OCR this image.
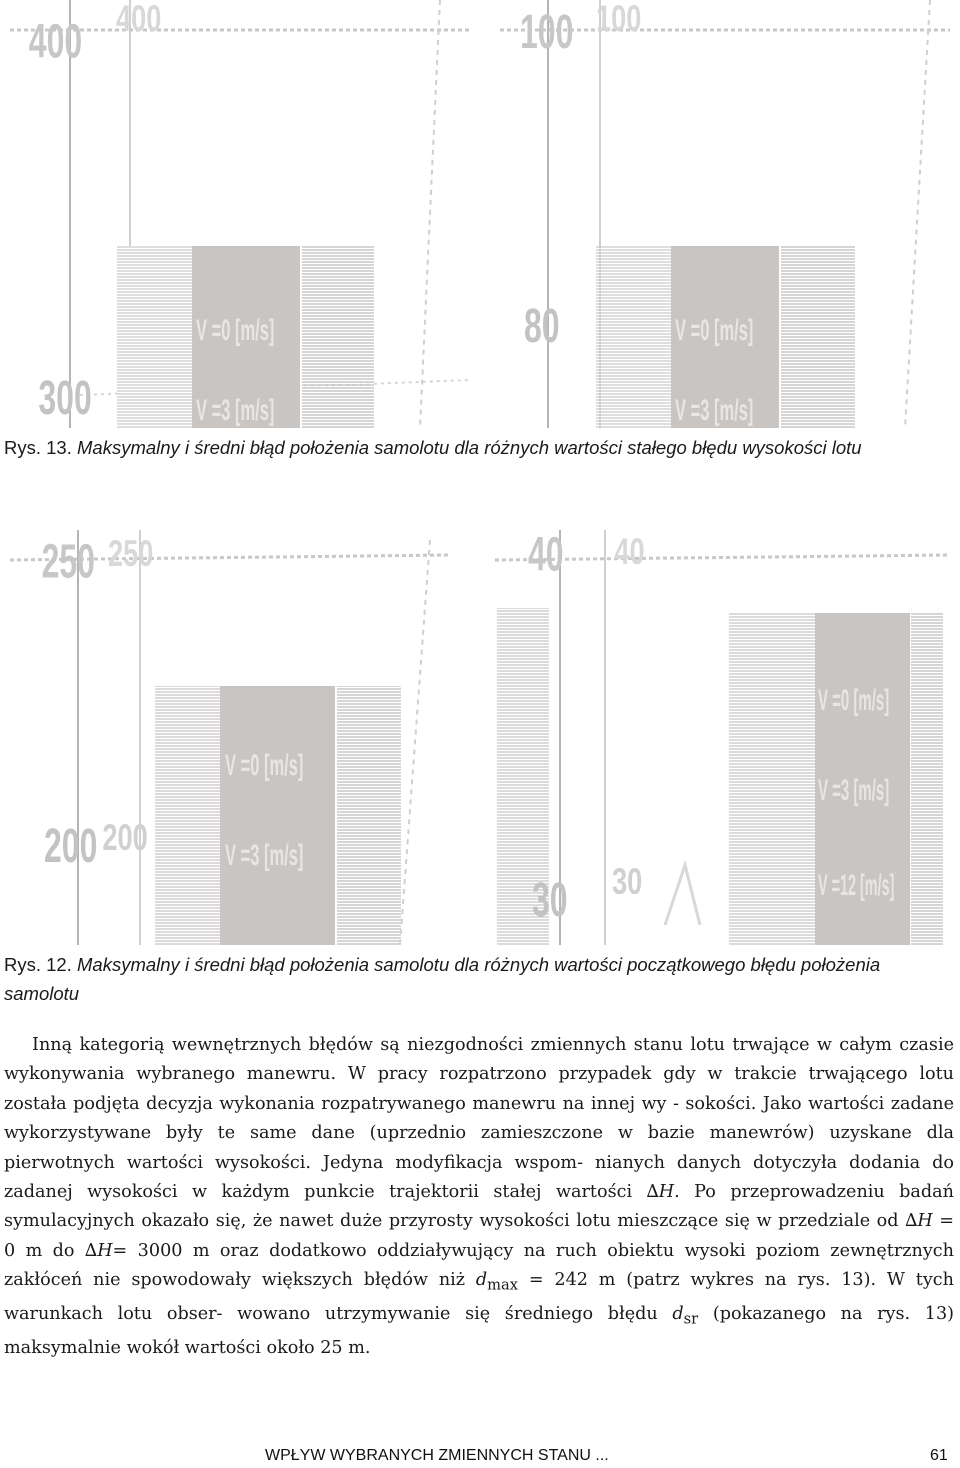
400 400
300
V =0 [m/s]
V =3 [m/s]
100 100
80	V =0 [m/s]
V =3 [m/s]
Rys. 13. Maksymalny i średni błąd położenia samolotu dla różnych wartości stałego błędu wysokości lotu
250 250
200 200
V =0 [m/s]
V =3 [m/s]
40 40
30 30
V =0 [m/s]
V =3 [m/s]
V =12 [m/s]
Rys. 12. Maksymalny i średni błąd położenia samolotu dla różnych wartości początkowego błędu położenia samolotu

Inną kategorią wewnętrznych błędów są niezgodności zmiennych stanu lotu trwające w całym czasie wykonywania wybranego manewru. W pracy rozpatrzono przypadek gdy w trakcie trwającego lotu została podjęta decyzja wykonania rozpatrywanego manewru na innej wy - sokości. Jako wartości zadane wykorzystywane były te same dane (uprzednio zamieszczone w bazie manewrów) uzyskane dla pierwotnych wartości wysokości. Jedyna modyfikacja wspom- nianych danych dotyczyła dodania do zadanej wysokości w każdym punkcie trajektorii stałej wartości ∆H. Po przeprowadzeniu badań symulacyjnych okazało się, że nawet duże przyrosty wysokości lotu mieszczące się w przedziale od ∆H = 0 m do ∆H= 3000 m oraz dodatkowo oddziaływujący na ruch obiektu wysoki poziom zewnętrznych zakłóceń nie spowodowały większych błędów niż $d_{max} = 242$ m (patrz wykres na rys. 13). W tych warunkach lotu obser- wowano utrzymywanie się średniego błędu $d_{sr}$ (pokazanego na rys. 13) maksymalnie wokół wartości około 25 m.

WPŁYW WYBRANYCH ZMIENNYCH STANU ...	61
